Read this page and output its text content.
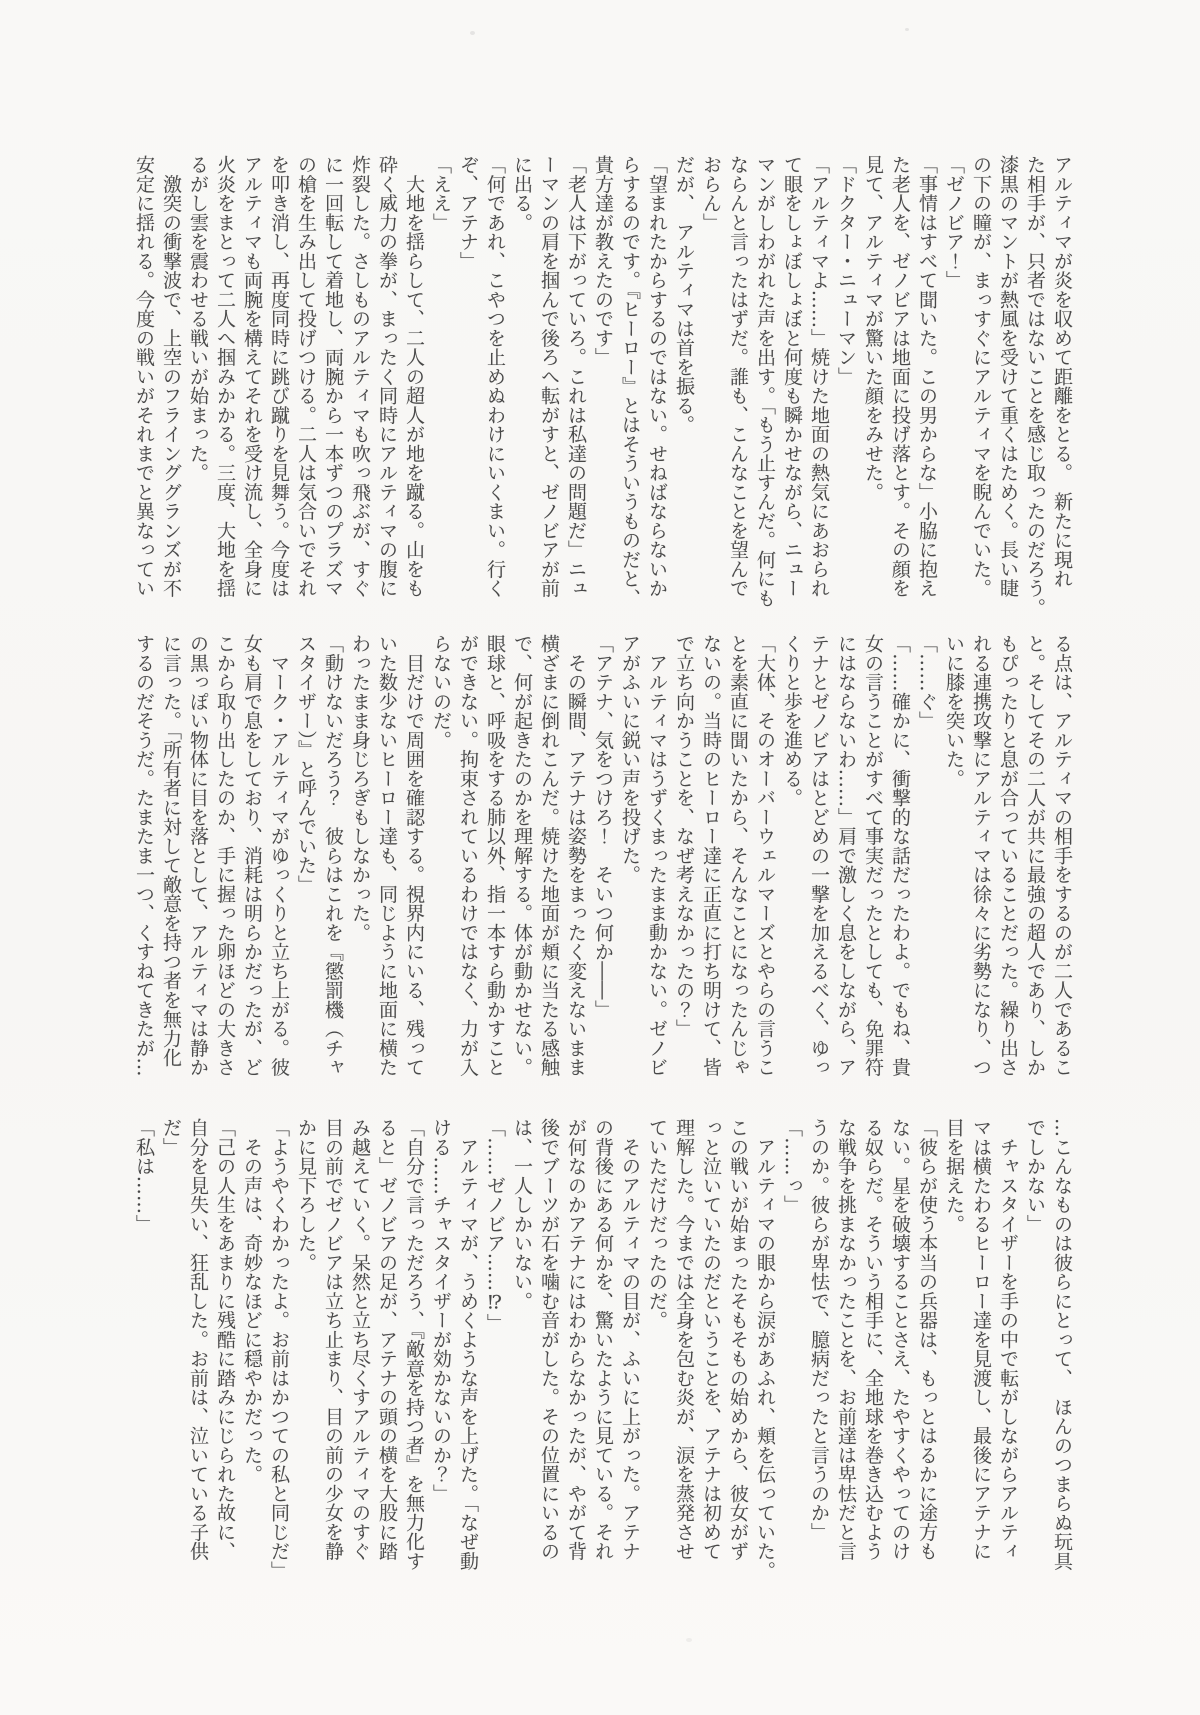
アルティマが炎を収めて距離をとる。　新たに現れ
た相手が、只者ではないことを感じ取ったのだろう。
漆黒のマントが熱風を受けて重くはためく。長い睫
の下の瞳が、まっすぐにアルティマを睨んでいた。
「ゼノビア！」
「事情はすべて聞いた。この男からな」小脇に抱え
た老人を、ゼノビアは地面に投げ落とす。その顔を
見て、アルティマが驚いた顔をみせた。
「ドクター・ニューマン」
「アルティマよ……」焼けた地面の熱気にあおられ
て眼をしょぼしょぼと何度も瞬かせながら、ニュー
マンがしわがれた声を出す。「もう止すんだ。何にも
ならんと言ったはずだ。誰も、こんなことを望んで
おらん」
だが、　アルティマは首を振る。
「望まれたからするのではない。せねばならないか
らするのです。『ヒーロー』とはそういうものだと、
貴方達が教えたのです」
「老人は下がっていろ。これは私達の問題だ」ニュ
ーマンの肩を掴んで後ろへ転がすと、ゼノビアが前
に出る。
「何であれ、こやつを止めぬわけにいくまい。行く
ぞ、アテナ」
「ええ」
　大地を揺らして、二人の超人が地を蹴る。山をも
砕く威力の拳が、まったく同時にアルティマの腹に
炸裂した。さしものアルティマも吹っ飛ぶが、すぐ
に一回転して着地し、両腕から一本ずつのプラズマ
の槍を生み出して投げつける。二人は気合いでそれ
を叩き消し、再度同時に跳び蹴りを見舞う。今度は
アルティマも両腕を構えてそれを受け流し、全身に
火炎をまとって二人へ掴みかかる。三度、大地を揺
るがし雲を震わせる戦いが始まった。
　激突の衝撃波で、上空のフラインググランズが不
安定に揺れる。今度の戦いがそれまでと異なってい
る点は、アルティマの相手をするのが二人であるこ
と。そしてその二人が共に最強の超人であり、しか
もぴったりと息が合っていることだった。繰り出さ
れる連携攻撃にアルティマは徐々に劣勢になり、つ
いに膝を突いた。
「……ぐ」
「……確かに、衝撃的な話だったわよ。でもね、貴
女の言うことがすべて事実だったとしても、免罪符
にはならないわ……」肩で激しく息をしながら、ア
テナとゼノビアはとどめの一撃を加えるべく、ゆっ
くりと歩を進める。
「大体、そのオーバーウェルマーズとやらの言うこ
とを素直に聞いたから、そんなことになったんじゃ
ないの。当時のヒーロー達に正直に打ち明けて、皆
で立ち向かうことを、なぜ考えなかったの？」
　アルティマはうずくまったまま動かない。ゼノビ
アがふいに鋭い声を投げた。
「アテナ、気をつけろ！　そいつ何か――」
　その瞬間、アテナは姿勢をまったく変えないまま
横ざまに倒れこんだ。焼けた地面が頬に当たる感触
で、何が起きたのかを理解する。体が動かせない。
眼球と、呼吸をする肺以外、指一本すら動かすこと
ができない。拘束されているわけではなく、力が入
らないのだ。
　目だけで周囲を確認する。視界内にいる、残って
いた数少ないヒーロー達も、同じように地面に横た
わったまま身じろぎもしなかった。
「動けないだろう？　彼らはこれを『懲罰機（チャ
スタイザー）』と呼んでいた」
　マーク・アルティマがゆっくりと立ち上がる。彼
女も肩で息をしており、消耗は明らかだったが、ど
こから取り出したのか、手に握った卵ほどの大きさ
の黒っぽい物体に目を落として、アルティマは静か
に言った。「所有者に対して敵意を持つ者を無力化
するのだそうだ。たまたま一つ、くすねてきたが…
…こんなものは彼らにとって、　ほんのつまらぬ玩具
でしかない」
　チャスタイザーを手の中で転がしながらアルティ
マは横たわるヒーロー達を見渡し、最後にアテナに
目を据えた。
「彼らが使う本当の兵器は、もっとはるかに途方も
ない。星を破壊することさえ、たやすくやってのけ
る奴らだ。そういう相手に、全地球を巻き込むよう
な戦争を挑まなかったことを、お前達は卑怯だと言
うのか。彼らが卑怯で、臆病だったと言うのか」
「……っ」
　アルティマの眼から涙があふれ、頬を伝っていた。
この戦いが始まったそもそもの始めから、彼女がず
っと泣いていたのだということを、アテナは初めて
理解した。今までは全身を包む炎が、涙を蒸発させ
ていただけだったのだ。
　そのアルティマの目が、ふいに上がった。アテナ
の背後にある何かを、驚いたように見ている。それ
が何なのかアテナにはわからなかったが、やがて背
後でブーツが石を噛む音がした。その位置にいるの
は、一人しかいない。
「……ゼノビア……⁉」
　アルティマが、うめくような声を上げた。「なぜ動
ける……チャスタイザーが効かないのか？」
「自分で言っただろう、『敵意を持つ者』を無力化す
ると」ゼノビアの足が、アテナの頭の横を大股に踏
み越えていく。呆然と立ち尽くすアルティマのすぐ
目の前でゼノビアは立ち止まり、目の前の少女を静
かに見下ろした。
「ようやくわかったよ。お前はかつての私と同じだ」
　その声は、奇妙なほどに穏やかだった。
「己の人生をあまりに残酷に踏みにじられた故に、
自分を見失い、狂乱した。お前は、泣いている子供
だ」
「私は……」
